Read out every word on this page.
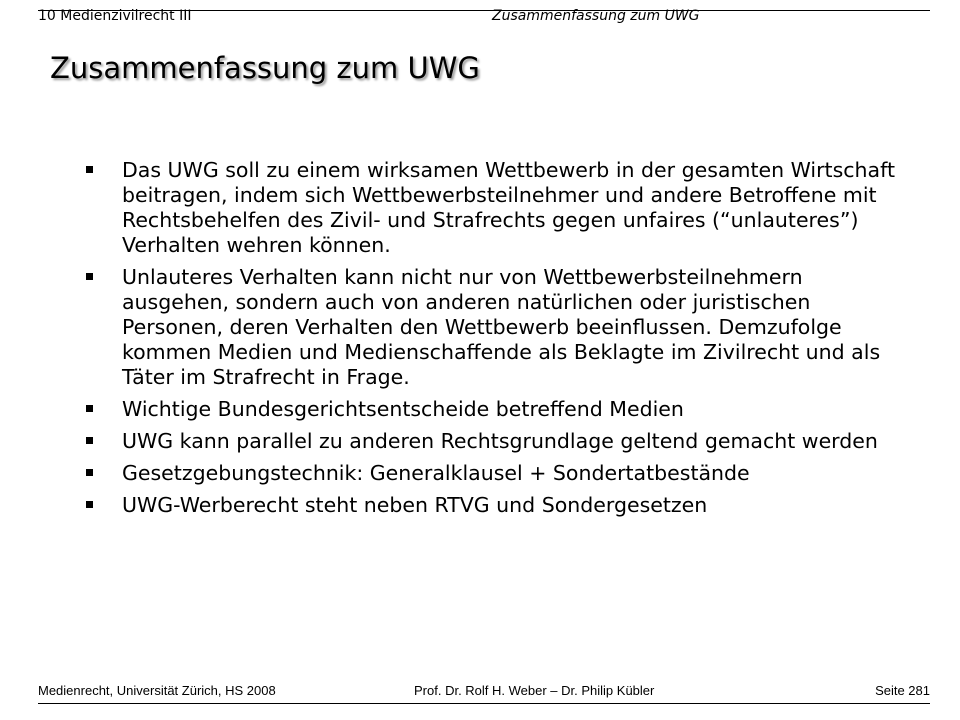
10 Medienzivilrecht III	Zusammenfassung zum UWG
Zusammenfassung zum UWG
Das UWG soll zu einem wirksamen Wettbewerb in der gesamten Wirtschaft beitragen, indem sich Wettbewerbsteilnehmer und andere Betroffene mit Rechtsbehelfen des Zivil- und Strafrechts gegen unfaires (“unlauteres”) Verhalten wehren können.
Unlauteres Verhalten kann nicht nur von Wettbewerbsteilnehmern ausgehen, sondern auch von anderen natürlichen oder juristischen Personen, deren Verhalten den Wettbewerb beeinflussen. Demzufolge kommen Medien und Medienschaffende als Beklagte im Zivilrecht und als Täter im Strafrecht in Frage.
Wichtige Bundesgerichtsentscheide betreffend Medien
UWG kann parallel zu anderen Rechtsgrundlage geltend gemacht werden
Gesetzgebungstechnik: Generalklausel + Sondertatbestände
UWG-Werberecht steht neben RTVG und Sondergesetzen
Medienrecht, Universität Zürich, HS 2008	Prof. Dr. Rolf H. Weber – Dr. Philip Kübler	Seite 281
